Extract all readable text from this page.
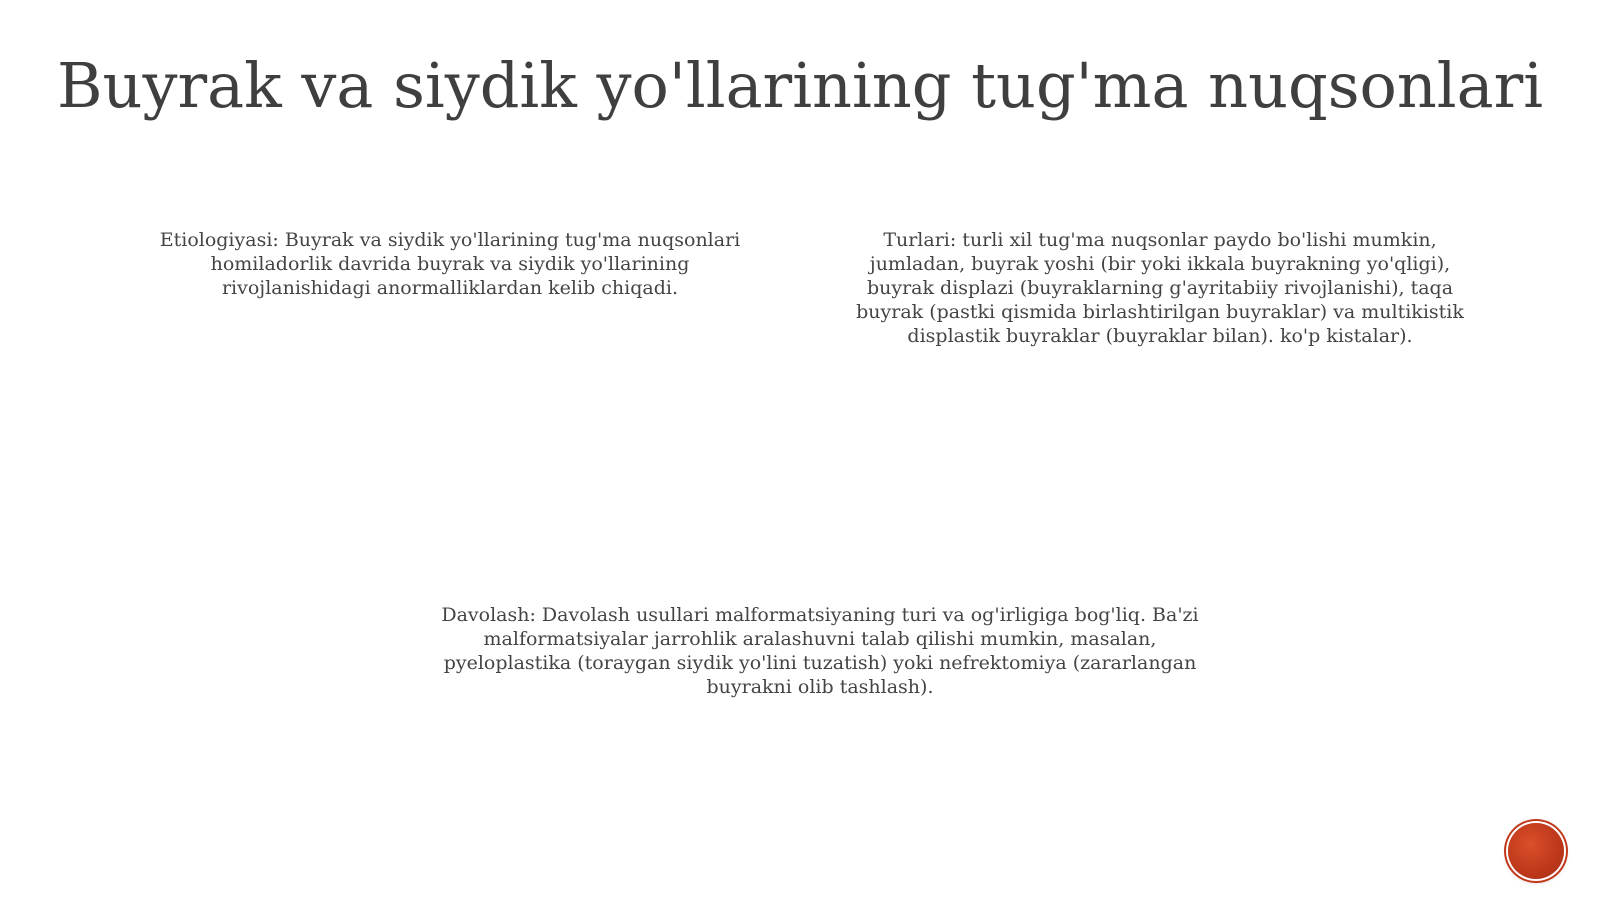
Buyrak va siydik yo'llarining tug'ma nuqsonlari

Etiologiyasi: Buyrak va siydik yo'llarining tug'ma nuqsonlari homiladorlik davrida buyrak va siydik yo'llarining rivojlanishidagi anormalliklardan kelib chiqadi.

Turlari: turli xil tug'ma nuqsonlar paydo bo'lishi mumkin, jumladan, buyrak yoshi (bir yoki ikkala buyrakning yo'qligi), buyrak displazi (buyraklarning g'ayritabiiy rivojlanishi), taqa buyrak (pastki qismida birlashtirilgan buyraklar) va multikistik displastik buyraklar (buyraklar bilan). ko'p kistalar).

Davolash: Davolash usullari malformatsiyaning turi va og'irligiga bog'liq. Ba'zi malformatsiyalar jarrohlik aralashuvni talab qilishi mumkin, masalan, pyeloplastika (toraygan siydik yo'lini tuzatish) yoki nefrektomiya (zararlangan buyrakni olib tashlash).
